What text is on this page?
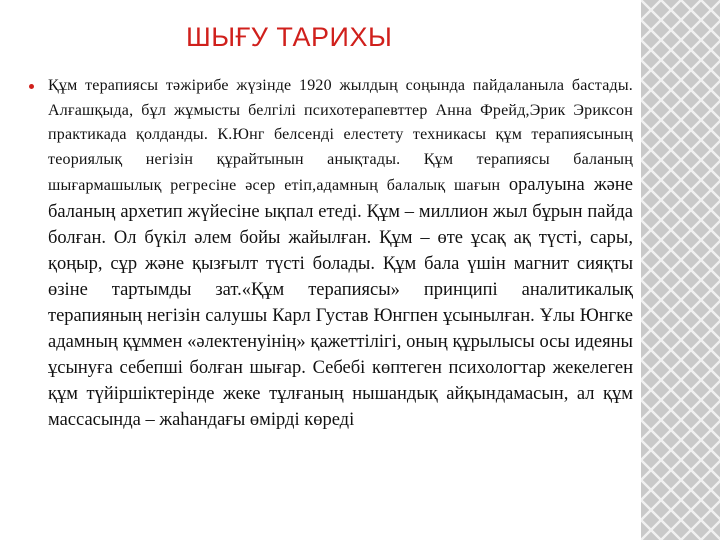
ШЫҒУ ТАРИХЫ

Құм терапиясы тәжірибе жүзінде 1920 жылдың соңында пайдаланыла бастады. Алғашқыда, бұл жұмысты белгілі психотерапевттер Анна Фрейд,Эрик Эриксон практикада қолданды. К.Юнг белсенді елестету техникасы құм терапиясының теориялық негізін құрайтынын анықтады. Құм терапиясы баланың шығармашылық регресіне әсер етіп,адамның балалық шағын оралуына және баланың архетип жүйесіне ықпал етеді. Құм – миллион жыл бұрын пайда болған. Ол бүкіл әлем бойы жайылған. Құм – өте ұсақ ақ түсті, сары, қоңыр, сұр және қызғылт түсті болады. Құм бала үшін магнит сияқты өзіне тартымды зат.«Құм терапиясы» принципі аналитикалық терапияның негізін салушы Карл Густав Юнгпен ұсынылған. Ұлы Юнгке адамның құммен «әлектенуінің» қажеттілігі, оның құрылысы осы идеяны ұсынуға себепші болған шығар. Себебі көптеген психологтар жекелеген құм түйіршіктерінде жеке тұлғаның нышандық айқындамасын, ал құм массасында – жаһандағы өмірді көреді
